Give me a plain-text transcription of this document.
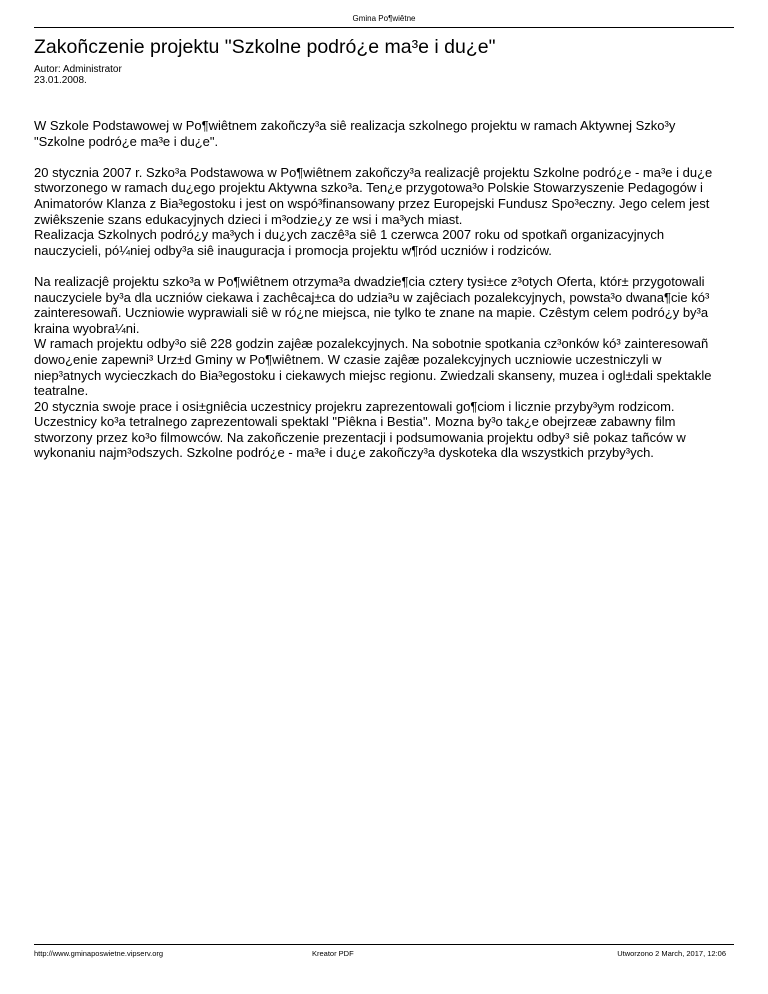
Gmina Po¶wiêtne
Zakoñczenie projektu "Szkolne podró¿e ma³e i du¿e"
Autor: Administrator
23.01.2008.

W Szkole Podstawowej w Po¶wiêtnem zakoñczy³a siê realizacja szkolnego projektu w ramach Aktywnej Szko³y
"Szkolne podró¿e ma³e i du¿e".

20 stycznia 2007 r. Szko³a Podstawowa w Po¶wiêtnem zakoñczy³a realizacjê projektu Szkolne podró¿e - ma³e i du¿e
stworzonego w ramach du¿ego projektu Aktywna szko³a. Ten¿e przygotowa³o Polskie Stowarzyszenie Pedagogów i
Animatorów Klanza z Bia³egostoku i jest on wspó³finansowany przez Europejski Fundusz Spo³eczny. Jego celem jest
zwiêkszenie szans edukacyjnych dzieci i m³odzie¿y ze wsi i ma³ych miast.
Realizacja Szkolnych podró¿y ma³ych i du¿ych zaczê³a siê 1 czerwca 2007 roku od spotkañ organizacyjnych
nauczycieli, pó¼niej odby³a siê inauguracja i promocja projektu w¶ród uczniów i rodziców.

Na realizacjê projektu szko³a w Po¶wiêtnem otrzyma³a dwadzie¶cia cztery tysi±ce z³otych Oferta, któr± przygotowali
nauczyciele by³a dla uczniów ciekawa i zachêcaj±ca do udzia³u w zajêciach pozalekcyjnych, powsta³o dwana¶cie kó³
zainteresowañ. Uczniowie wyprawiali siê w ró¿ne miejsca, nie tylko te znane na mapie. Czêstym celem podró¿y by³a
kraina wyobra¼ni.
W ramach projektu odby³o siê 228 godzin zajêæ pozalekcyjnych. Na sobotnie spotkania cz³onków kó³ zainteresowañ
dowo¿enie zapewni³ Urz±d Gminy w Po¶wiêtnem. W czasie zajêæ pozalekcyjnych uczniowie uczestniczyli w
niep³atnych wycieczkach do Bia³egostoku i ciekawych miejsc regionu. Zwiedzali skanseny, muzea i ogl±dali spektakle
teatralne.
20 stycznia swoje prace i osi±gniêcia uczestnicy projekru zaprezentowali go¶ciom i licznie przyby³ym rodzicom.
Uczestnicy ko³a tetralnego zaprezentowali spektakl "Piêkna i Bestia". Mozna by³o tak¿e obejrzeæ zabawny film
stworzony przez ko³o filmowców. Na zakoñczenie prezentacji i podsumowania projektu odby³ siê pokaz tañców w
wykonaniu najm³odszych. Szkolne podró¿e - ma³e i du¿e zakoñczy³a dyskoteka dla wszystkich przyby³ych.

http://www.gminaposwietne.vipserv.org	Kreator PDF	Utworzono 2 March, 2017, 12:06
